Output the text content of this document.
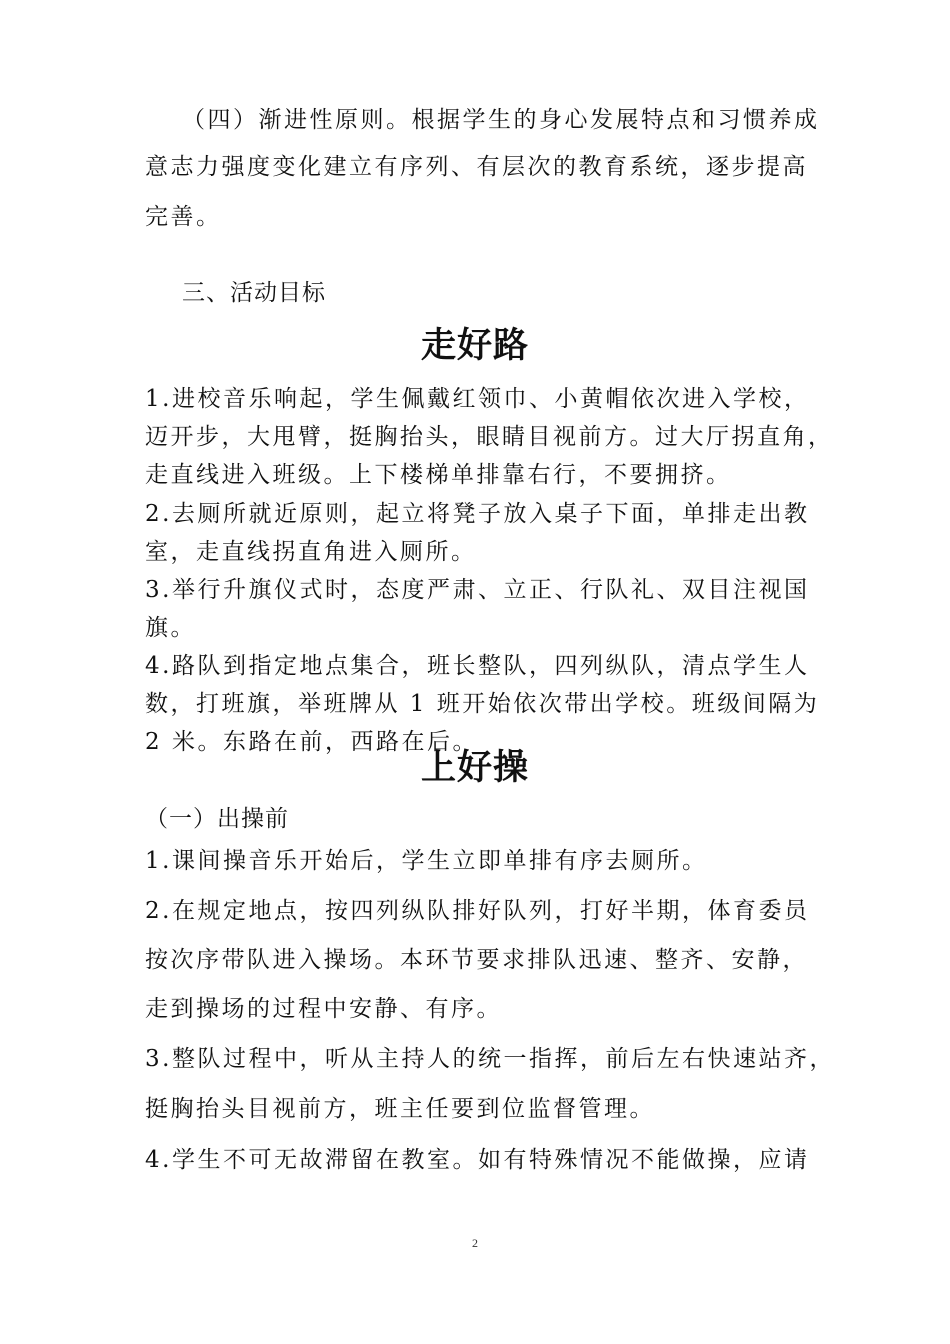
（四）渐进性原则。根据学生的身心发展特点和习惯养成
意志力强度变化建立有序列、有层次的教育系统，逐步提高
完善。
三、活动目标
走好路
1.进校音乐响起，学生佩戴红领巾、小黄帽依次进入学校，
迈开步，大甩臂，挺胸抬头，眼睛目视前方。过大厅拐直角，
走直线进入班级。上下楼梯单排靠右行，不要拥挤。
2.去厕所就近原则，起立将凳子放入桌子下面，单排走出教
室，走直线拐直角进入厕所。
3.举行升旗仪式时，态度严肃、立正、行队礼、双目注视国
旗。
4.路队到指定地点集合，班长整队，四列纵队，清点学生人
数，打班旗，举班牌从 1 班开始依次带出学校。班级间隔为
2 米。东路在前，西路在后。
上好操
（一）出操前
1.课间操音乐开始后，学生立即单排有序去厕所。
2.在规定地点，按四列纵队排好队列，打好半期，体育委员
按次序带队进入操场。本环节要求排队迅速、整齐、安静，
走到操场的过程中安静、有序。
3.整队过程中，听从主持人的统一指挥，前后左右快速站齐，
挺胸抬头目视前方，班主任要到位监督管理。
4.学生不可无故滞留在教室。如有特殊情况不能做操，应请
2
